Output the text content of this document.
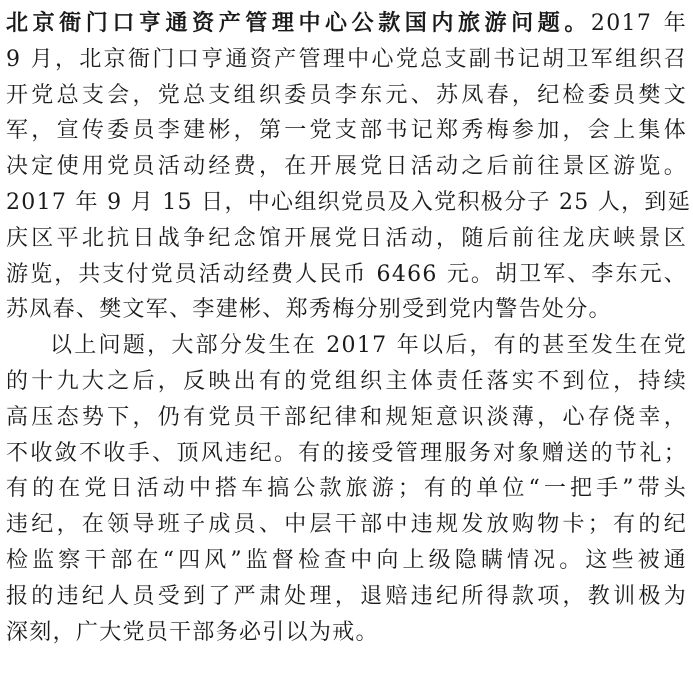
北京衙门口亨通资产管理中心公款国内旅游问题。2017 年
9 月，北京衙门口亨通资产管理中心党总支副书记胡卫军组织召
开党总支会，党总支组织委员李东元、苏凤春，纪检委员樊文
军，宣传委员李建彬，第一党支部书记郑秀梅参加，会上集体
决定使用党员活动经费，在开展党日活动之后前往景区游览。
2017 年 9 月 15 日，中心组织党员及入党积极分子 25 人，到延
庆区平北抗日战争纪念馆开展党日活动，随后前往龙庆峡景区
游览，共支付党员活动经费人民币 6466 元。胡卫军、李东元、
苏凤春、樊文军、李建彬、郑秀梅分别受到党内警告处分。
以上问题，大部分发生在 2017 年以后，有的甚至发生在党
的十九大之后，反映出有的党组织主体责任落实不到位，持续
高压态势下，仍有党员干部纪律和规矩意识淡薄，心存侥幸，
不收敛不收手、顶风违纪。有的接受管理服务对象赠送的节礼；
有的在党日活动中搭车搞公款旅游；有的单位“一把手”带头
违纪，在领导班子成员、中层干部中违规发放购物卡；有的纪
检监察干部在“四风”监督检查中向上级隐瞒情况。这些被通
报的违纪人员受到了严肃处理，退赔违纪所得款项，教训极为
深刻，广大党员干部务必引以为戒。
